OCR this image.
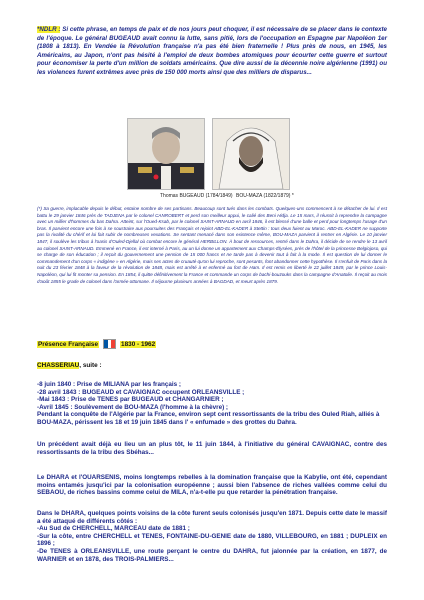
*NDLR : Si cette phrase, en temps de paix et de nos jours peut choquer, il est nécessaire de se placer dans le contexte de l'époque. Le général BUGEAUD avait connu la lutte, sans pitié, lors de l'occupation en Espagne par Napoléon 1er (1808 à 1813). En Vendée la Révolution française n'a pas été bien fraternelle ! Plus près de nous, en 1945, les Américains, au Japon, n'ont pas hésité à l'emploi de deux bombes atomiques pour écourter cette guerre et surtout pour économiser la perte d'un million de soldats américains. Que dire aussi de la décennie noire algérienne (1991) ou les violences furent extrêmes avec près de 150 000 morts ainsi que des milliers de disparus...
Thomas BUGEAUD (1784/1849) BOU-MAZA (1822/1879) *
(*) Sa guerre, implacable depuis le début, entaine nombre de ses partisans. Beaucoup sont tués dans les combats. Quelques-uns commencent à se détacher de lui. Il est battu le 29 janvier 1846 près de TADJENA par le colonel CANROBERT et perd son meilleur appui, le calié des Beni Hidja. Le 15 mars, il réussit à reprendre la campagne avec un millier d'hommes du bas Dahra. Atteint, sur l'Oued-Ksab, par le colonel SAINT-ARNAUD en avril 1846, il est blessé d'une balle et perd pour longtemps l'usage d'un bras. Il parvient encore une fois à se soustraire aux poursuites des Français et rejoint ABD-EL-KADER à Stettin : tous deux fuient au Maroc. ABD-EL-KADER ne supporte pas la rivalité du chérif et lui fait subir de nombreuses vexations. Se sentant menacé dans son existence même, BOU-MAZA parvient à rentrer en Algérie. Le 10 janvier 1847, il soulève les tribus à l'oasis d'Ouled-Djellal où combat encore le général HERBILLON. À bout de ressources, rentré dans le Dahra, il décide de se rendre le 13 avril au colonel SAINT-ARNAUD. Emmené en France, il est interné à Paris, au un lui donne un appartement aux Champs-Élysées, près de l'hôtel de la princesse Belgiojoso, qui se charge de son éducation ; il reçoit du gouvernement une pension de 15 000 francs et ne tarde pas à devenir tout à fait à la mode. Il est question de lui donner le commandement d'un corps « indigène » en Algérie, mais ses actes de cruauté qu'on lui reproche, sont pesants, font abandonner cette hypothèse. Il s'enfuit de Paris dans la nuit du 23 février 1848 à la faveur de la révolution de 1848, mais est arrêté à et enfermé au fort de Ham. Il est remis en liberté le 22 juillet 1849, par le prince Louis-Napoléon, qui lui fit monter sa pension. En 1854, il quitte définitivement la France et commande un corps de bachi-bouzouks dans la campagne d'Anatolie. Il reçoit au mois d'août 1855 le grade de colonel dans l'armée ottomane. Il séjourne plusieurs années à BAGDAD, et meurt après 1879.
Présence Française	1830 - 1962
CHASSERIAU, suite :
-8 juin 1840 : Prise de MILIANA par les français ;
-28 avril 1843 : BUGEAUD et CAVAIGNAC occupent ORLEANSVILLE ;
-Mai 1843 : Prise de TENES par BUGEAUD et CHANGARNIER ;
-Avril 1845 : Soulèvement de BOU-MAZA (l'homme à la chèvre) ;
Pendant la conquête de l'Algérie par la France, environ sept cent ressortissants de la tribu des Ouled Riah, alliés à
BOU-MAZA, périssent les 18 et 19 juin 1845 dans l' « enfumade » des grottes du Dahra.
Un précédent avait déjà eu lieu un an plus tôt, le 11 juin 1844, à l'initiative du général CAVAIGNAC, contre des ressortissants de la tribu des Sbéhas...
Le DHARA et l'OUARSENIS, moins longtemps rebelles à la domination française que la Kabylie, ont été, cependant moins entamés jusqu'ici par la colonisation européenne ; aussi bien l'absence de riches vallées comme celui du SEBAOU, de riches bassins comme celui de MILA, n'a-t-elle pu que retarder la pénétration française.
Dans le DHARA, quelques points voisins de la côte furent seuls colonisés jusqu'en 1871. Depuis cette date le massif a été attaqué de différents côtés :
-Au Sud de CHERCHELL, MARCEAU date de 1881 ;
-Sur la côte, entre CHERCHELL et TENES, FONTAINE-DU-GENIE date de 1880, VILLEBOURG, en 1881 ; DUPLEIX en 1896 ;
-De TENES à ORLEANSVILLE, une route perçant le centre du DAHRA, fut jalonnée par la création, en 1877, de WARNIER et en 1878, des TROIS-PALMIERS...
